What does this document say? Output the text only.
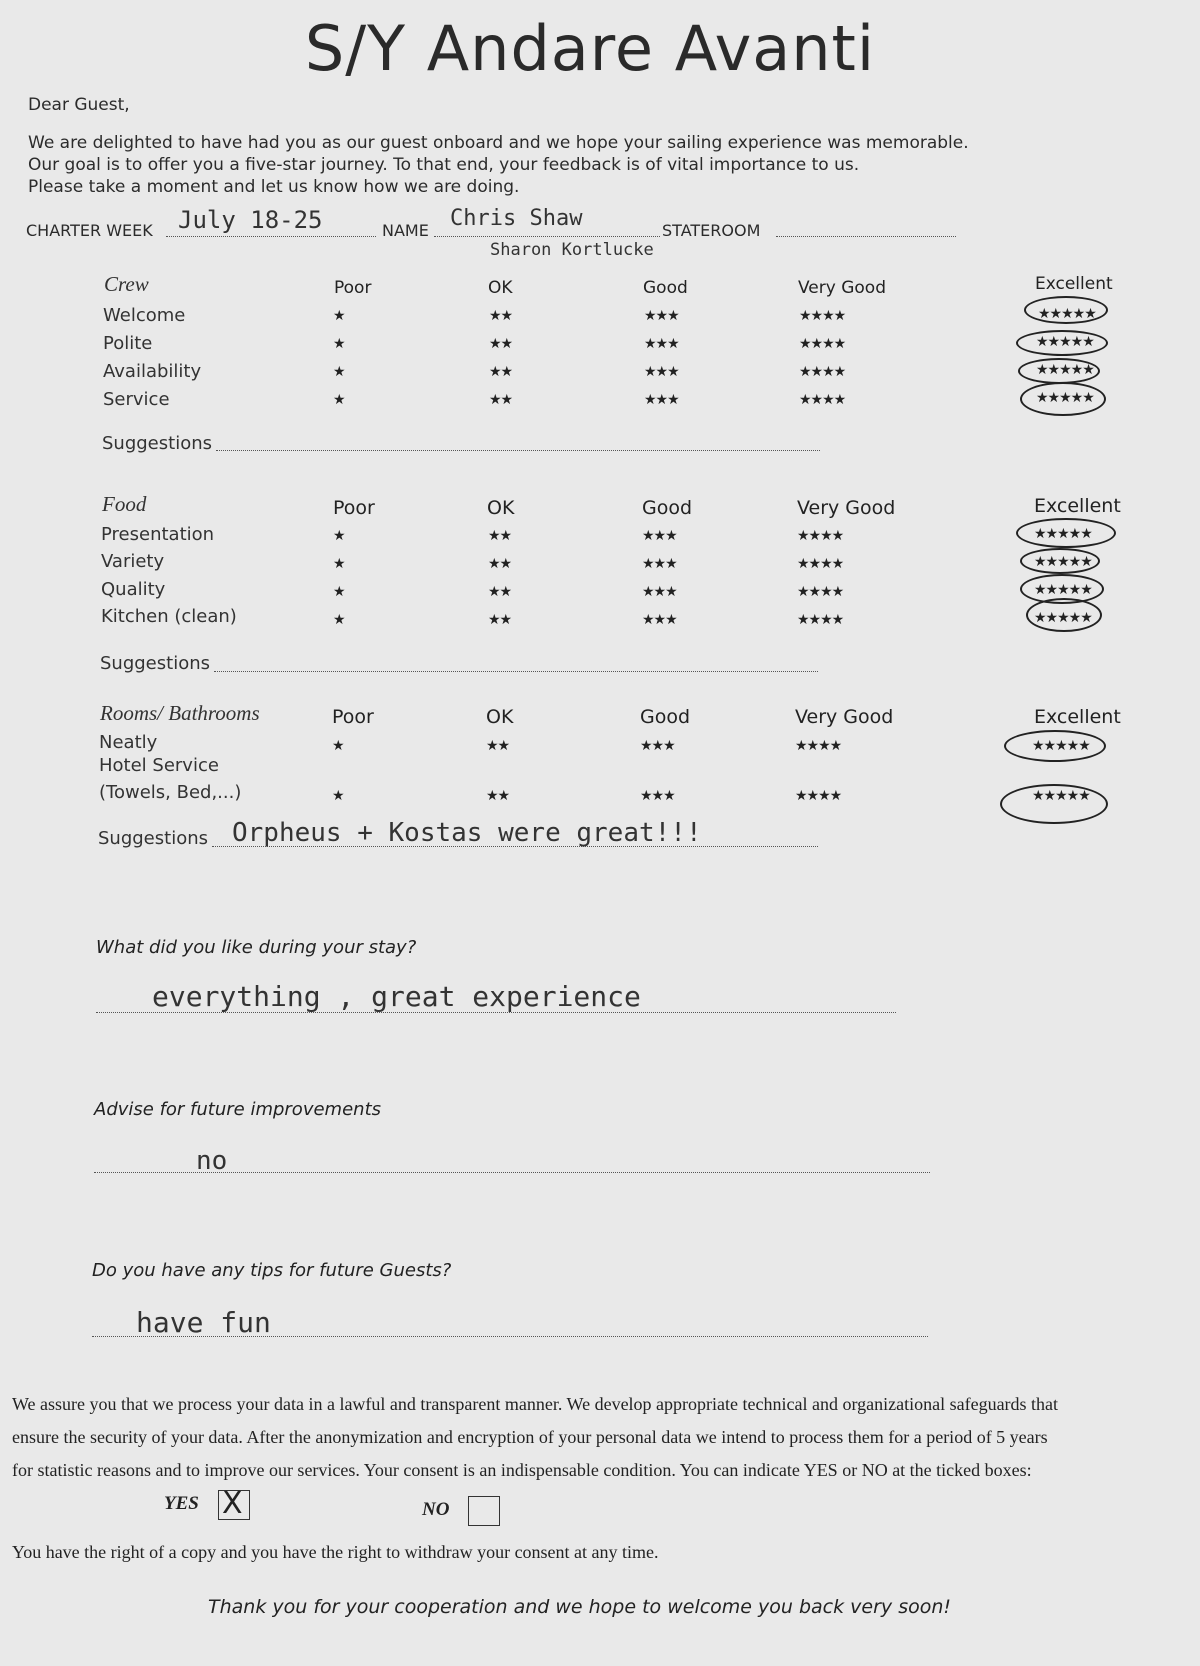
S/Y Andare Avanti
Dear Guest,
We are delighted to have had you as our guest onboard and we hope your sailing experience was memorable.
Our goal is to offer you a five-star journey. To that end, your feedback is of vital importance to us.
Please take a moment and let us know how we are doing.
CHARTER WEEK July 18-25	NAME Chris Shaw
Sharon Kortlucke
STATEROOM
Crew	Poor	OK	Good	Very Good	Excellent
Welcome	★	★★	★★★	★★★★	★★★★★
Polite	★	★★	★★★	★★★★	★★★★★
Availability	★	★★	★★★	★★★★	★★★★★
Service	★	★★	★★★	★★★★	★★★★★
Suggestions
Food	Poor	OK	Good	Very Good	Excellent
Presentation	★	★★	★★★	★★★★	★★★★★
Variety	★	★★	★★★	★★★★	★★★★★
Quality	★	★★	★★★	★★★★	★★★★★
Kitchen (clean)	★	★★	★★★	★★★★	★★★★★
Suggestions
Rooms/ Bathrooms	Poor	OK	Good	Very Good	Excellent
Neatly	★	★★	★★★	★★★★	★★★★★
Hotel Service
(Towels, Bed,...)	★	★★	★★★	★★★★	★★★★★
Suggestions Orpheus + Kostas were great!!!
What did you like during your stay?
everything , great experience
Advise for future improvements
no
Do you have any tips for future Guests?
have fun
We assure you that we process your data in a lawful and transparent manner. We develop appropriate technical and organizational safeguards that
ensure the security of your data. After the anonymization and encryption of your personal data we intend to process them for a period of 5 years
for statistic reasons and to improve our services. Your consent is an indispensable condition. You can indicate YES or NO at the ticked boxes:
YES X	NO
You have the right of a copy and you have the right to withdraw your consent at any time.
Thank you for your cooperation and we hope to welcome you back very soon!
